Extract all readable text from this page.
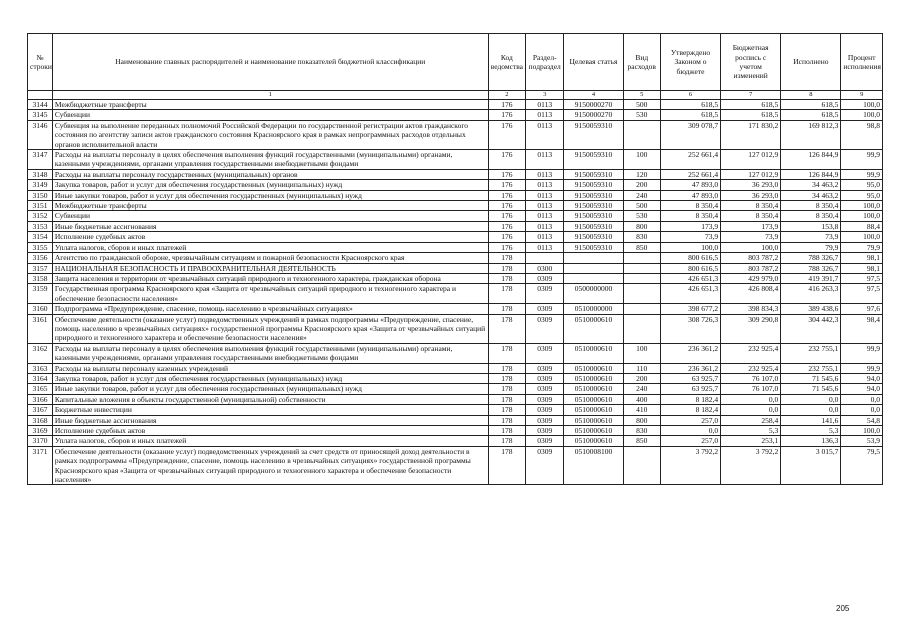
№ строки	Наименование главных распорядителей и наименование показателей бюджетной классификации	Код ведомства	Раздел-подраздел	Целевая статья	Вид расходов	Утверждено Законом о бюджете	Бюджетная роспись с учетом изменений	Исполнено	Процент исполнения
	1	2	3	4	5	6	7	8	9
3144	Межбюджетные трансферты	176	0113	9150000270	500	618,5	618,5	618,5	100,0
3145	Субвенции	176	0113	9150000270	530	618,5	618,5	618,5	100,0
3146	Субвенция на выполнение переданных полномочий Российской Федерации по государственной регистрации актов гражданского состояния по агентству записи актов гражданского состояния Красноярского края в рамках непрограммных расходов отдельных органов исполнительной власти	176	0113	9150059310		309 078,7	171 830,2	169 812,3	98,8
3147	Расходы на выплаты персоналу в целях обеспечения выполнения функций государственными (муниципальными) органами, казенными учреждениями, органами управления государственными внебюджетными фондами	176	0113	9150059310	100	252 661,4	127 012,9	126 844,9	99,9
3148	Расходы на выплаты персоналу государственных (муниципальных) органов	176	0113	9150059310	120	252 661,4	127 012,9	126 844,9	99,9
3149	Закупка товаров, работ и услуг для обеспечения государственных (муниципальных) нужд	176	0113	9150059310	200	47 893,0	36 293,0	34 463,2	95,0
3150	Иные закупки товаров, работ и услуг для обеспечения государственных (муниципальных) нужд	176	0113	9150059310	240	47 893,0	36 293,0	34 463,2	95,0
3151	Межбюджетные трансферты	176	0113	9150059310	500	8 350,4	8 350,4	8 350,4	100,0
3152	Субвенции	176	0113	9150059310	530	8 350,4	8 350,4	8 350,4	100,0
3153	Иные бюджетные ассигнования	176	0113	9150059310	800	173,9	173,9	153,8	88,4
3154	Исполнение судебных актов	176	0113	9150059310	830	73,9	73,9	73,9	100,0
3155	Уплата налогов, сборов и иных платежей	176	0113	9150059310	850	100,0	100,0	79,9	79,9
3156	Агентство по гражданской обороне, чрезвычайным ситуациям и пожарной безопасности Красноярского края	178				800 616,5	803 787,2	788 326,7	98,1
3157	НАЦИОНАЛЬНАЯ БЕЗОПАСНОСТЬ И ПРАВООХРАНИТЕЛЬНАЯ ДЕЯТЕЛЬНОСТЬ	178	0300			800 616,5	803 787,2	788 326,7	98,1
3158	Защита населения и территории от чрезвычайных ситуаций природного и техногенного характера, гражданская оборона	178	0309			426 651,3	429 979,0	419 391,7	97,5
3159	Государственная программа Красноярского края «Защита от чрезвычайных ситуаций природного и техногенного характера и обеспечение безопасности населения»	178	0309	0500000000		426 651,3	426 808,4	416 263,3	97,5
3160	Подпрограмма «Предупреждение, спасение, помощь населению в чрезвычайных ситуациях»	178	0309	0510000000		398 677,2	398 834,3	389 438,6	97,6
3161	Обеспечение деятельности (оказание услуг) подведомственных учреждений в рамках подпрограммы «Предупреждение, спасение, помощь населению в чрезвычайных ситуациях» государственной программы Красноярского края «Защита от чрезвычайных ситуаций природного и техногенного характера и обеспечение безопасности населения»	178	0309	0510000610		308 726,3	309 290,8	304 442,3	98,4
3162	Расходы на выплаты персоналу в целях обеспечения выполнения функций государственными (муниципальными) органами, казенными учреждениями, органами управления государственными внебюджетными фондами	178	0309	0510000610	100	236 361,2	232 925,4	232 755,1	99,9
3163	Расходы на выплаты персоналу казенных учреждений	178	0309	0510000610	110	236 361,2	232 925,4	232 755,1	99,9
3164	Закупка товаров, работ и услуг для обеспечения государственных (муниципальных) нужд	178	0309	0510000610	200	63 925,7	76 107,0	71 545,6	94,0
3165	Иные закупки товаров, работ и услуг для обеспечения государственных (муниципальных) нужд	178	0309	0510000610	240	63 925,7	76 107,0	71 545,6	94,0
3166	Капитальные вложения в объекты государственной (муниципальной) собственности	178	0309	0510000610	400	8 182,4	0,0	0,0	0,0
3167	Бюджетные инвестиции	178	0309	0510000610	410	8 182,4	0,0	0,0	0,0
3168	Иные бюджетные ассигнования	178	0309	0510000610	800	257,0	258,4	141,6	54,8
3169	Исполнение судебных актов	178	0309	0510000610	830	0,0	5,3	5,3	100,0
3170	Уплата налогов, сборов и иных платежей	178	0309	0510000610	850	257,0	253,1	136,3	53,9
3171	Обеспечение деятельности (оказание услуг) подведомственных учреждений за счет средств от приносящей доход деятельности в рамках подпрограммы «Предупреждение, спасение, помощь населению в чрезвычайных ситуациях» государственной программы Красноярского края «Защита от чрезвычайных ситуаций природного и техногенного характера и обеспечение безопасности населения»	178	0309	0510008100		3 792,2	3 792,2	3 015,7	79,5
205
